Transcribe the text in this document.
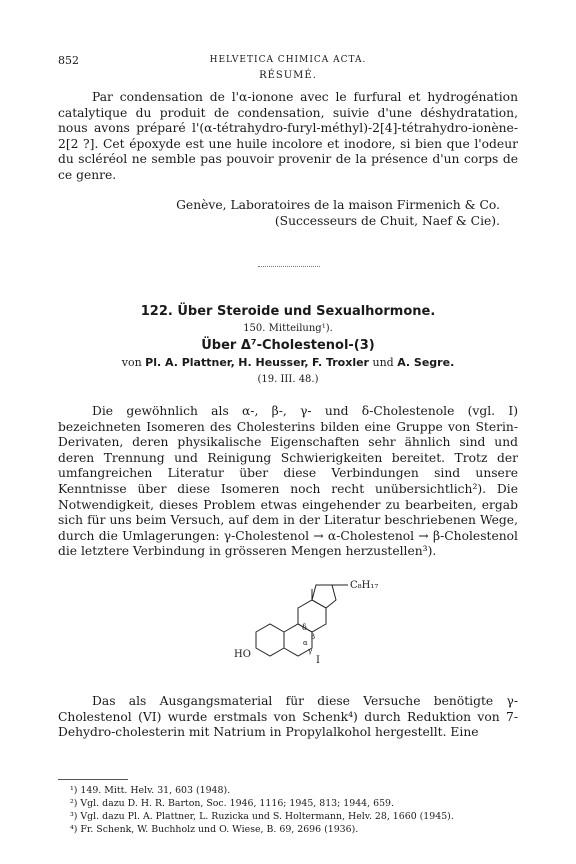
852	HELVETICA CHIMICA ACTA.
RÉSUMÉ.

Par condensation de l'α-ionone avec le furfural et hydrogénation catalytique du produit de condensation, suivie d'une déshydratation, nous avons préparé l'(α-tétrahydro-furyl-méthyl)-2[4]-tétrahydro-ionène-2[2 ?]. Cet époxyde est une huile incolore et inodore, si bien que l'odeur du scléréol ne semble pas pouvoir provenir de la présence d'un corps de ce genre.

Genève, Laboratoires de la maison Firmenich & Co.
(Successeurs de Chuit, Naef & Cie).
122. Über Steroide und Sexualhormone.
150. Mitteilung¹).
Über Δ⁷-Cholestenol-(3)
von Pl. A. Plattner, H. Heusser, F. Troxler und A. Segre.
(19. III. 48.)

Die gewöhnlich als α-, β-, γ- und δ-Cholestenole (vgl. I) bezeichneten Isomeren des Cholesterins bilden eine Gruppe von Sterin-Derivaten, deren physikalische Eigenschaften sehr ähnlich sind und deren Trennung und Reinigung Schwierigkeiten bereitet. Trotz der umfangreichen Literatur über diese Verbindungen sind unsere Kenntnisse über diese Isomeren noch recht unübersichtlich²). Die Notwendigkeit, dieses Problem etwas eingehender zu bearbeiten, ergab sich für uns beim Versuch, auf dem in der Literatur beschriebenen Wege, durch die Umlagerungen: γ-Cholestenol → α-Cholestenol → β-Cholestenol die letztere Verbindung in grösseren Mengen herzustellen³).

C₈H₁₇
HO
I
δ
α
β
γ

Das als Ausgangsmaterial für diese Versuche benötigte γ-Cholestenol (VI) wurde erstmals von Schenk⁴) durch Reduktion von 7-Dehydro-cholesterin mit Natrium in Propylalkohol hergestellt. Eine

¹) 149. Mitt. Helv. 31, 603 (1948).
²) Vgl. dazu D. H. R. Barton, Soc. 1946, 1116; 1945, 813; 1944, 659.
³) Vgl. dazu Pl. A. Plattner, L. Ruzicka und S. Holtermann, Helv. 28, 1660 (1945).
⁴) Fr. Schenk, W. Buchholz und O. Wiese, B. 69, 2696 (1936).
